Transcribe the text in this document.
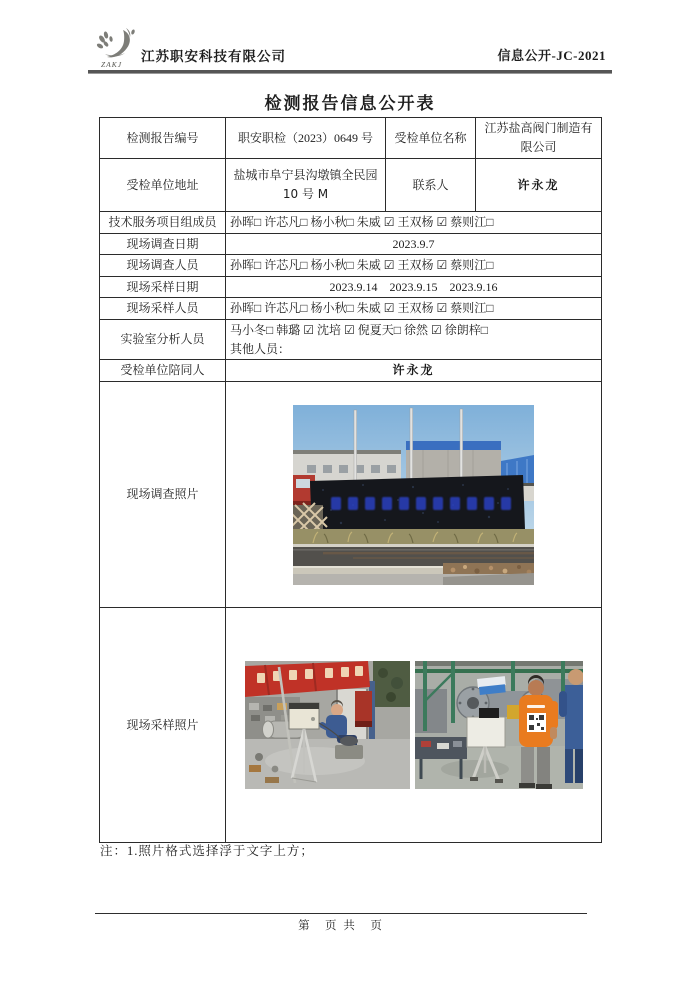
ZAKJ
江苏职安科技有限公司	信息公开-JC-2021
检测报告信息公开表
检测报告编号	职安职检（2023）0649 号	受检单位名称	江苏盐高阀门制造有限公司
受检单位地址	盐城市阜宁县沟墩镇全民园 10 号 M	联系人	许永龙
技术服务项目组成员	孙晖□ 许芯凡□ 杨小秋□ 朱威 ☑ 王双杨 ☑ 蔡则江□		
现场调查日期	2023.9.7		
现场调查人员	孙晖□ 许芯凡□ 杨小秋□ 朱威 ☑ 王双杨 ☑ 蔡则江□		
现场采样日期	2023.9.14    2023.9.15    2023.9.16		
现场采样人员	孙晖□ 许芯凡□ 杨小秋□ 朱威 ☑ 王双杨 ☑ 蔡则江□		
实验室分析人员	马小冬□ 韩璐 ☑ 沈培 ☑ 倪夏天□ 徐然 ☑ 徐朗梓□
其他人员：		

受检单位陪同人	许永龙		
现场调查照片	

现场采样照片	
注：1.照片格式选择浮于文字上方；
第　页 共　页
